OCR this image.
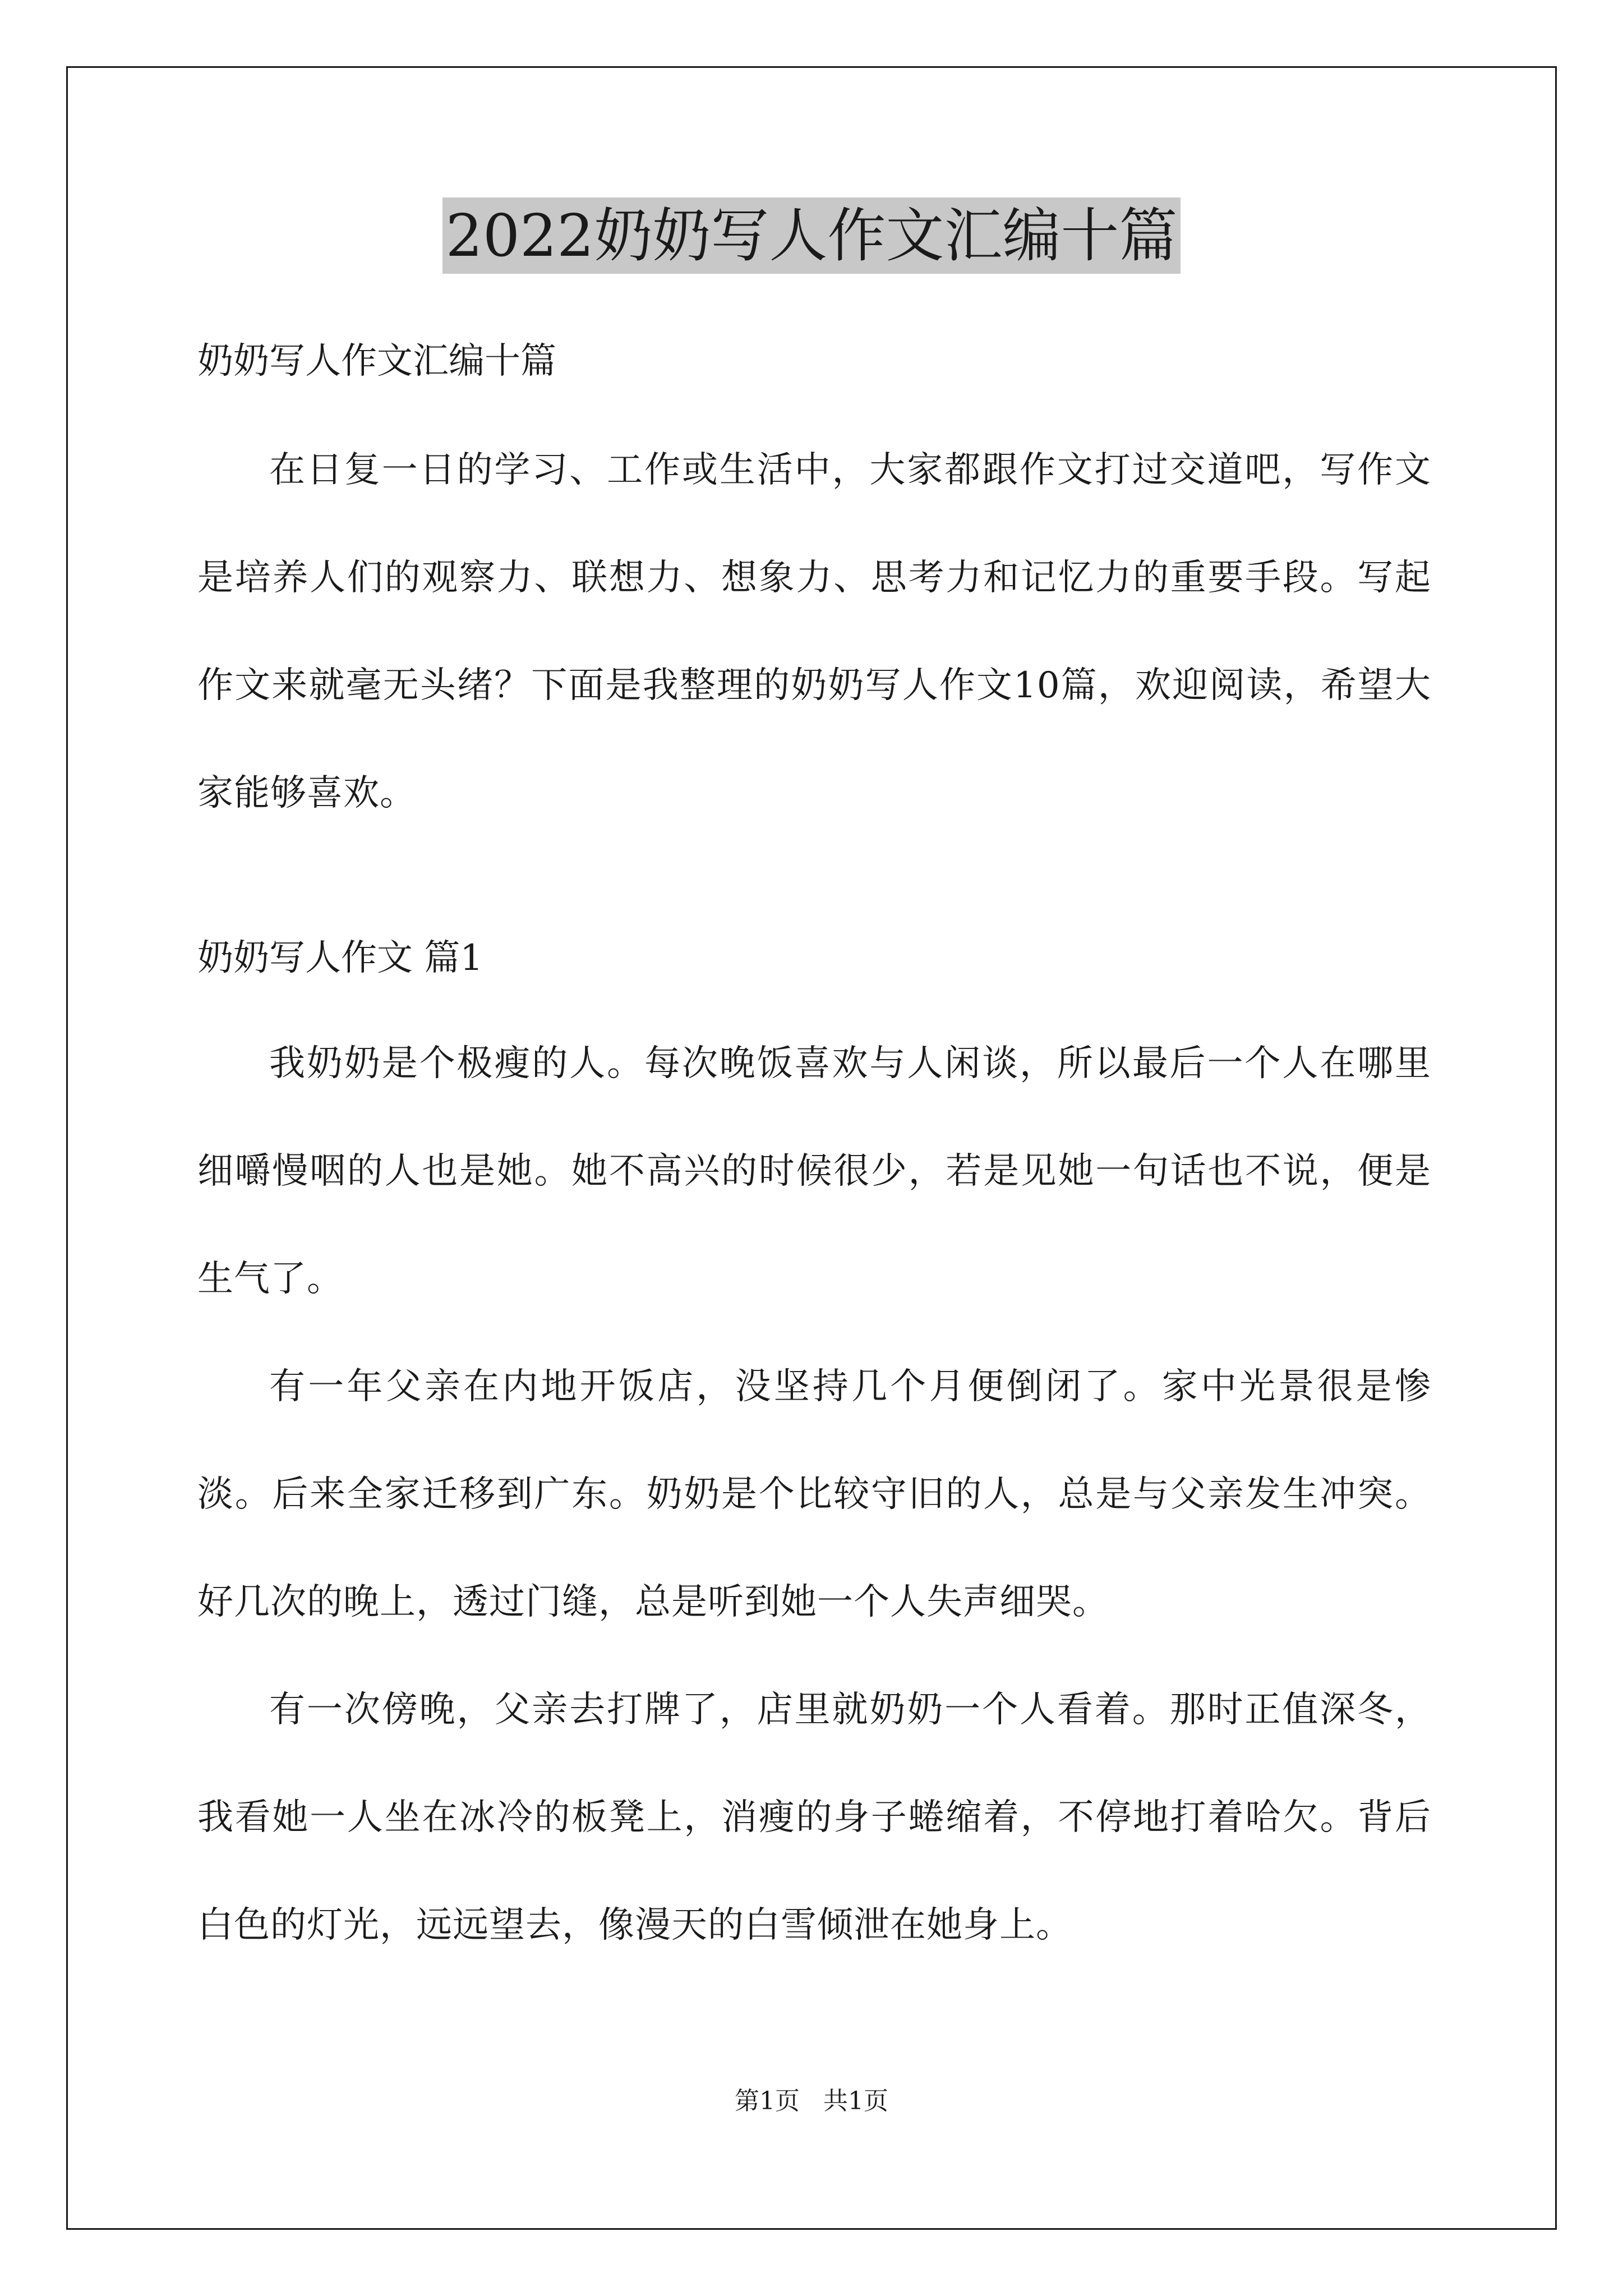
2022奶奶写人作文汇编十篇

奶奶写人作文汇编十篇

在日复一日的学习、工作或生活中，大家都跟作文打过交道吧，写作文是培养人们的观察力、联想力、想象力、思考力和记忆力的重要手段。写起作文来就毫无头绪？下面是我整理的奶奶写人作文10篇，欢迎阅读，希望大家能够喜欢。

奶奶写人作文 篇1

我奶奶是个极瘦的人。每次晚饭喜欢与人闲谈，所以最后一个人在哪里细嚼慢咽的人也是她。她不高兴的时候很少，若是见她一句话也不说，便是生气了。

有一年父亲在内地开饭店，没坚持几个月便倒闭了。家中光景很是惨淡。后来全家迁移到广东。奶奶是个比较守旧的人，总是与父亲发生冲突。 好几次的晚上，透过门缝，总是听到她一个人失声细哭。

有一次傍晚，父亲去打牌了，店里就奶奶一个人看着。那时正值深冬，我看她一人坐在冰冷的板凳上，消瘦的身子蜷缩着，不停地打着哈欠。背后白色的灯光，远远望去，像漫天的白雪倾泄在她身上。

第1页 共1页
